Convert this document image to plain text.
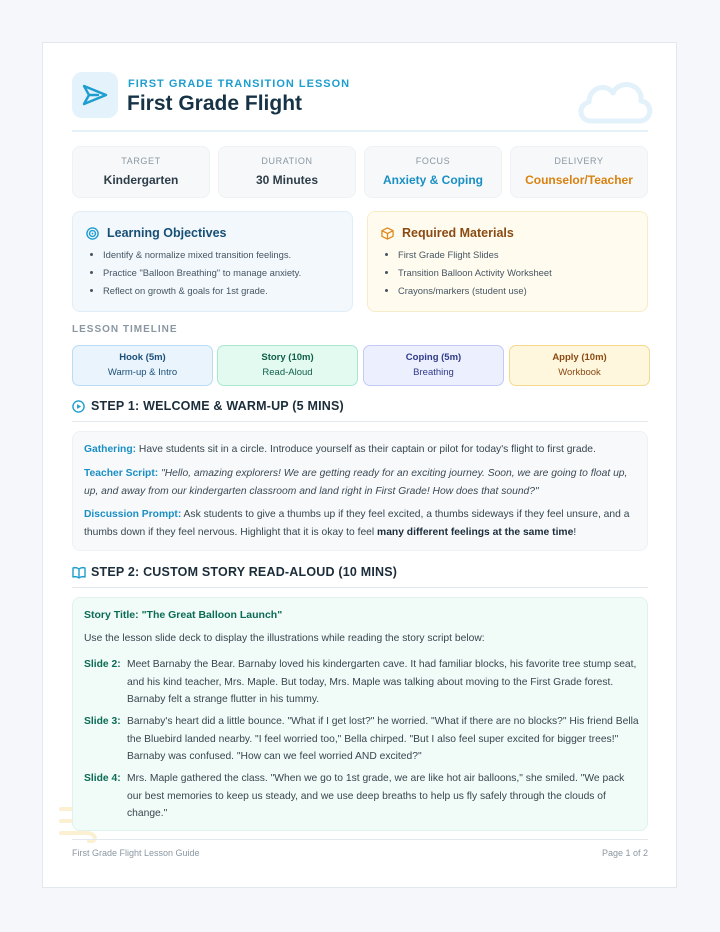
FIRST GRADE TRANSITION LESSON
First Grade Flight
TARGET
Kindergarten
DURATION
30 Minutes
FOCUS
Anxiety & Coping
DELIVERY
Counselor/Teacher
Learning Objectives
• Identify & normalize mixed transition feelings.
• Practice "Balloon Breathing" to manage anxiety.
• Reflect on growth & goals for 1st grade.
Required Materials
• First Grade Flight Slides
• Transition Balloon Activity Worksheet
• Crayons/markers (student use)
LESSON TIMELINE
Hook (5m)
Warm-up & Intro
Story (10m)
Read-Aloud
Coping (5m)
Breathing
Apply (10m)
Workbook
STEP 1: WELCOME & WARM-UP (5 MINS)
Gathering: Have students sit in a circle. Introduce yourself as their captain or pilot for today's flight to first grade.
Teacher Script: "Hello, amazing explorers! We are getting ready for an exciting journey. Soon, we are going to float up, up, and away from our kindergarten classroom and land right in First Grade! How does that sound?"
Discussion Prompt: Ask students to give a thumbs up if they feel excited, a thumbs sideways if they feel unsure, and a thumbs down if they feel nervous. Highlight that it is okay to feel many different feelings at the same time!
STEP 2: CUSTOM STORY READ-ALOUD (10 MINS)
Story Title: "The Great Balloon Launch"
Use the lesson slide deck to display the illustrations while reading the story script below:
Slide 2: Meet Barnaby the Bear. Barnaby loved his kindergarten cave. It had familiar blocks, his favorite tree stump seat, and his kind teacher, Mrs. Maple. But today, Mrs. Maple was talking about moving to the First Grade forest. Barnaby felt a strange flutter in his tummy.
Slide 3: Barnaby's heart did a little bounce. "What if I get lost?" he worried. "What if there are no blocks?" His friend Bella the Bluebird landed nearby. "I feel worried too," Bella chirped. "But I also feel super excited for bigger trees!" Barnaby was confused. "How can we feel worried AND excited?"
Slide 4: Mrs. Maple gathered the class. "When we go to 1st grade, we are like hot air balloons," she smiled. "We pack our best memories to keep us steady, and we use deep breaths to help us fly safely through the clouds of change."
First Grade Flight Lesson Guide	Page 1 of 2
